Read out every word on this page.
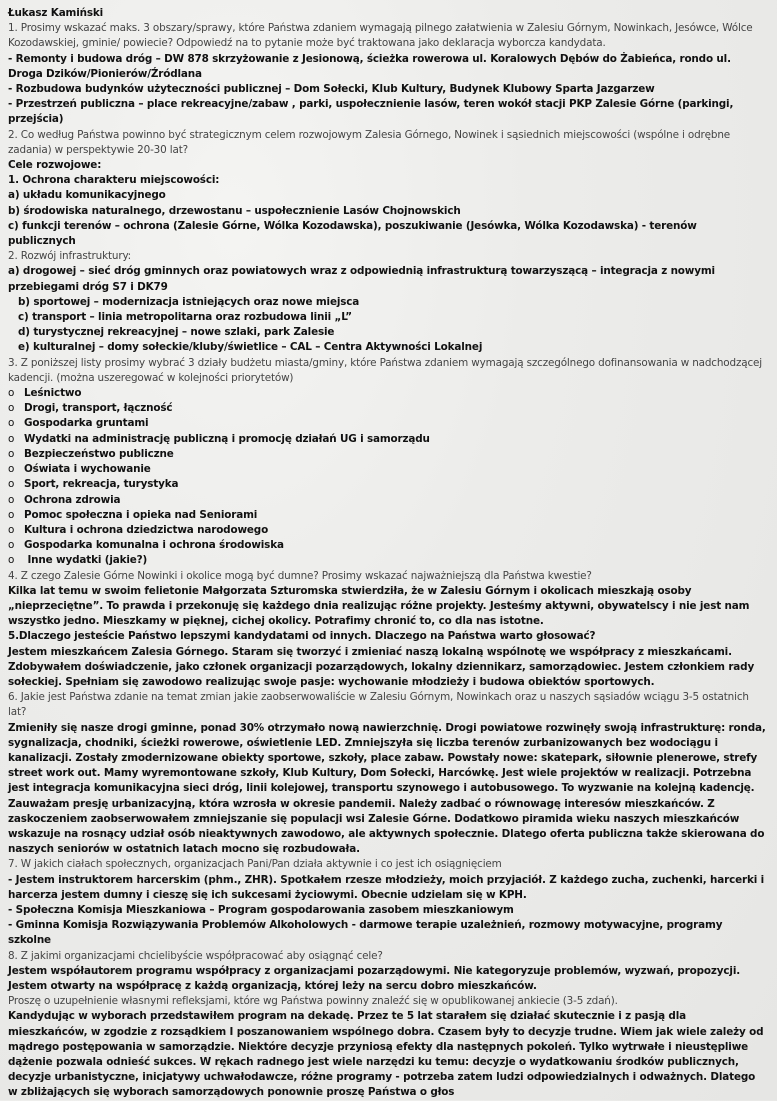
Łukasz Kamiński

1. Prosimy wskazać maks. 3 obszary/sprawy, które Państwa zdaniem wymagają pilnego załatwienia w Zalesiu Górnym, Nowinkach, Jesówce, Wólce Kozodawskiej, gminie/ powiecie? Odpowiedź na to pytanie może być traktowana jako deklaracja wyborcza kandydata.

- Remonty i budowa dróg – DW 878 skrzyżowanie z Jesionową, ścieżka rowerowa ul. Koralowych Dębów do Żabieńca, rondo ul. Droga Dzików/Pionierów/Źródlana

- Rozbudowa budynków użyteczności publicznej – Dom Sołecki, Klub Kultury, Budynek Klubowy Sparta Jazgarzew

- Przestrzeń publiczna – place rekreacyjne/zabaw , parki, uspołecznienie lasów, teren wokół stacji PKP Zalesie Górne (parkingi, przejścia)

2. Co według Państwa powinno być strategicznym celem rozwojowym Zalesia Górnego, Nowinek i sąsiednich miejscowości (wspólne i odrębne zadania) w perspektywie 20-30 lat?

Cele rozwojowe:

1. Ochrona charakteru miejscowości:

a) układu komunikacyjnego

b) środowiska naturalnego, drzewostanu – uspołecznienie Lasów Chojnowskich

c) funkcji terenów – ochrona (Zalesie Górne, Wólka Kozodawska), poszukiwanie (Jesówka, Wólka Kozodawska) - terenów publicznych

2. Rozwój infrastruktury:

a) drogowej – sieć dróg gminnych oraz powiatowych wraz z odpowiednią infrastrukturą towarzyszącą – integracja z nowymi przebiegami dróg S7 i DK79

b) sportowej – modernizacja istniejących oraz nowe miejsca

c) transport – linia metropolitarna oraz rozbudowa linii „L”

d) turystycznej rekreacyjnej – nowe szlaki, park Zalesie

e) kulturalnej – domy sołeckie/kluby/świetlice – CAL – Centra Aktywności Lokalnej

3. Z poniższej listy prosimy wybrać 3 działy budżetu miasta/gminy, które Państwa zdaniem wymagają szczególnego dofinansowania w nadchodzącej kadencji. (można uszeregować w kolejności priorytetów)

o Leśnictwo

o Drogi, transport, łączność

o Gospodarka gruntami

o Wydatki na administrację publiczną i promocję działań UG i samorządu

o Bezpieczeństwo publiczne

o Oświata i wychowanie

o Sport, rekreacja, turystyka

o Ochrona zdrowia

o Pomoc społeczna i opieka nad Seniorami

o Kultura i ochrona dziedzictwa narodowego

o Gospodarka komunalna i ochrona środowiska

o Inne wydatki (jakie?)

4. Z czego Zalesie Górne Nowinki i okolice mogą być dumne? Prosimy wskazać najważniejszą dla Państwa kwestie?

Kilka lat temu w swoim felietonie Małgorzata Szturomska stwierdziła, że w Zalesiu Górnym i okolicach mieszkają osoby „nieprzeciętne”. To prawda i przekonuję się każdego dnia realizując różne projekty. Jesteśmy aktywni, obywatelscy i nie jest nam wszystko jedno. Mieszkamy w pięknej, cichej okolicy. Potrafimy chronić to, co dla nas istotne.

5.Dlaczego jesteście Państwo lepszymi kandydatami od innych. Dlaczego na Państwa warto głosować?

Jestem mieszkańcem Zalesia Górnego. Staram się tworzyć i zmieniać naszą lokalną wspólnotę we współpracy z mieszkańcami. Zdobywałem doświadczenie, jako członek organizacji pozarządowych, lokalny dziennikarz, samorządowiec. Jestem członkiem rady sołeckiej. Spełniam się zawodowo realizując swoje pasje: wychowanie młodzieży i budowa obiektów sportowych.

6. Jakie jest Państwa zdanie na temat zmian jakie zaobserwowaliście w Zalesiu Górnym, Nowinkach oraz u naszych sąsiadów wciągu 3-5 ostatnich lat?

Zmieniły się nasze drogi gminne, ponad 30% otrzymało nową nawierzchnię. Drogi powiatowe rozwinęły swoją infrastrukturę: ronda, sygnalizacja, chodniki, ścieżki rowerowe, oświetlenie LED. Zmniejszyła się liczba terenów zurbanizowanych bez wodociągu i kanalizacji. Zostały zmodernizowane obiekty sportowe, szkoły, place zabaw. Powstały nowe: skatepark, siłownie plenerowe, strefy street work out. Mamy wyremontowane szkoły, Klub Kultury, Dom Sołecki, Harcówkę. Jest wiele projektów w realizacji. Potrzebna jest integracja komunikacyjna sieci dróg, linii kolejowej, transportu szynowego i autobusowego. To wyzwanie na kolejną kadencję. Zauważam presję urbanizacyjną, która wzrosła w okresie pandemii. Należy zadbać o równowagę interesów mieszkańców. Z zaskoczeniem zaobserwowałem zmniejszanie się populacji wsi Zalesie Górne. Dodatkowo piramida wieku naszych mieszkańców wskazuje na rosnący udział osób nieaktywnych zawodowo, ale aktywnych społecznie. Dlatego oferta publiczna także skierowana do naszych seniorów w ostatnich latach mocno się rozbudowała.

7. W jakich ciałach społecznych, organizacjach Pani/Pan działa aktywnie i co jest ich osiągnięciem

- Jestem instruktorem harcerskim (phm., ZHR). Spotkałem rzesze młodzieży, moich przyjaciół. Z każdego zucha, zuchenki, harcerki i harcerza jestem dumny i cieszę się ich sukcesami życiowymi. Obecnie udzielam się w KPH.

- Społeczna Komisja Mieszkaniowa – Program gospodarowania zasobem mieszkaniowym

- Gminna Komisja Rozwiązywania Problemów Alkoholowych - darmowe terapie uzależnień, rozmowy motywacyjne, programy szkolne

8. Z jakimi organizacjami chcielibyście współpracować aby osiągnąć cele?

Jestem współautorem programu współpracy z organizacjami pozarządowymi. Nie kategoryzuje problemów, wyzwań, propozycji. Jestem otwarty na współpracę z każdą organizacją, której leży na sercu dobro mieszkańców.

Proszę o uzupełnienie własnymi refleksjami, które wg Państwa powinny znaleźć się w opublikowanej ankiecie (3-5 zdań).

Kandydując w wyborach przedstawiłem program na dekadę. Przez te 5 lat starałem się działać skutecznie i z pasją dla mieszkańców, w zgodzie z rozsądkiem I poszanowaniem wspólnego dobra. Czasem były to decyzje trudne. Wiem jak wiele zależy od mądrego postępowania w samorządzie. Niektóre decyzje przyniosą efekty dla następnych pokoleń. Tylko wytrwałe i nieustępliwe dążenie pozwala odnieść sukces. W rękach radnego jest wiele narzędzi ku temu: decyzje o wydatkowaniu środków publicznych, decyzje urbanistyczne, inicjatywy uchwałodawcze, różne programy - potrzeba zatem ludzi odpowiedzialnych i odważnych. Dlatego w zbliżających się wyborach samorządowych ponownie proszę Państwa o głos
